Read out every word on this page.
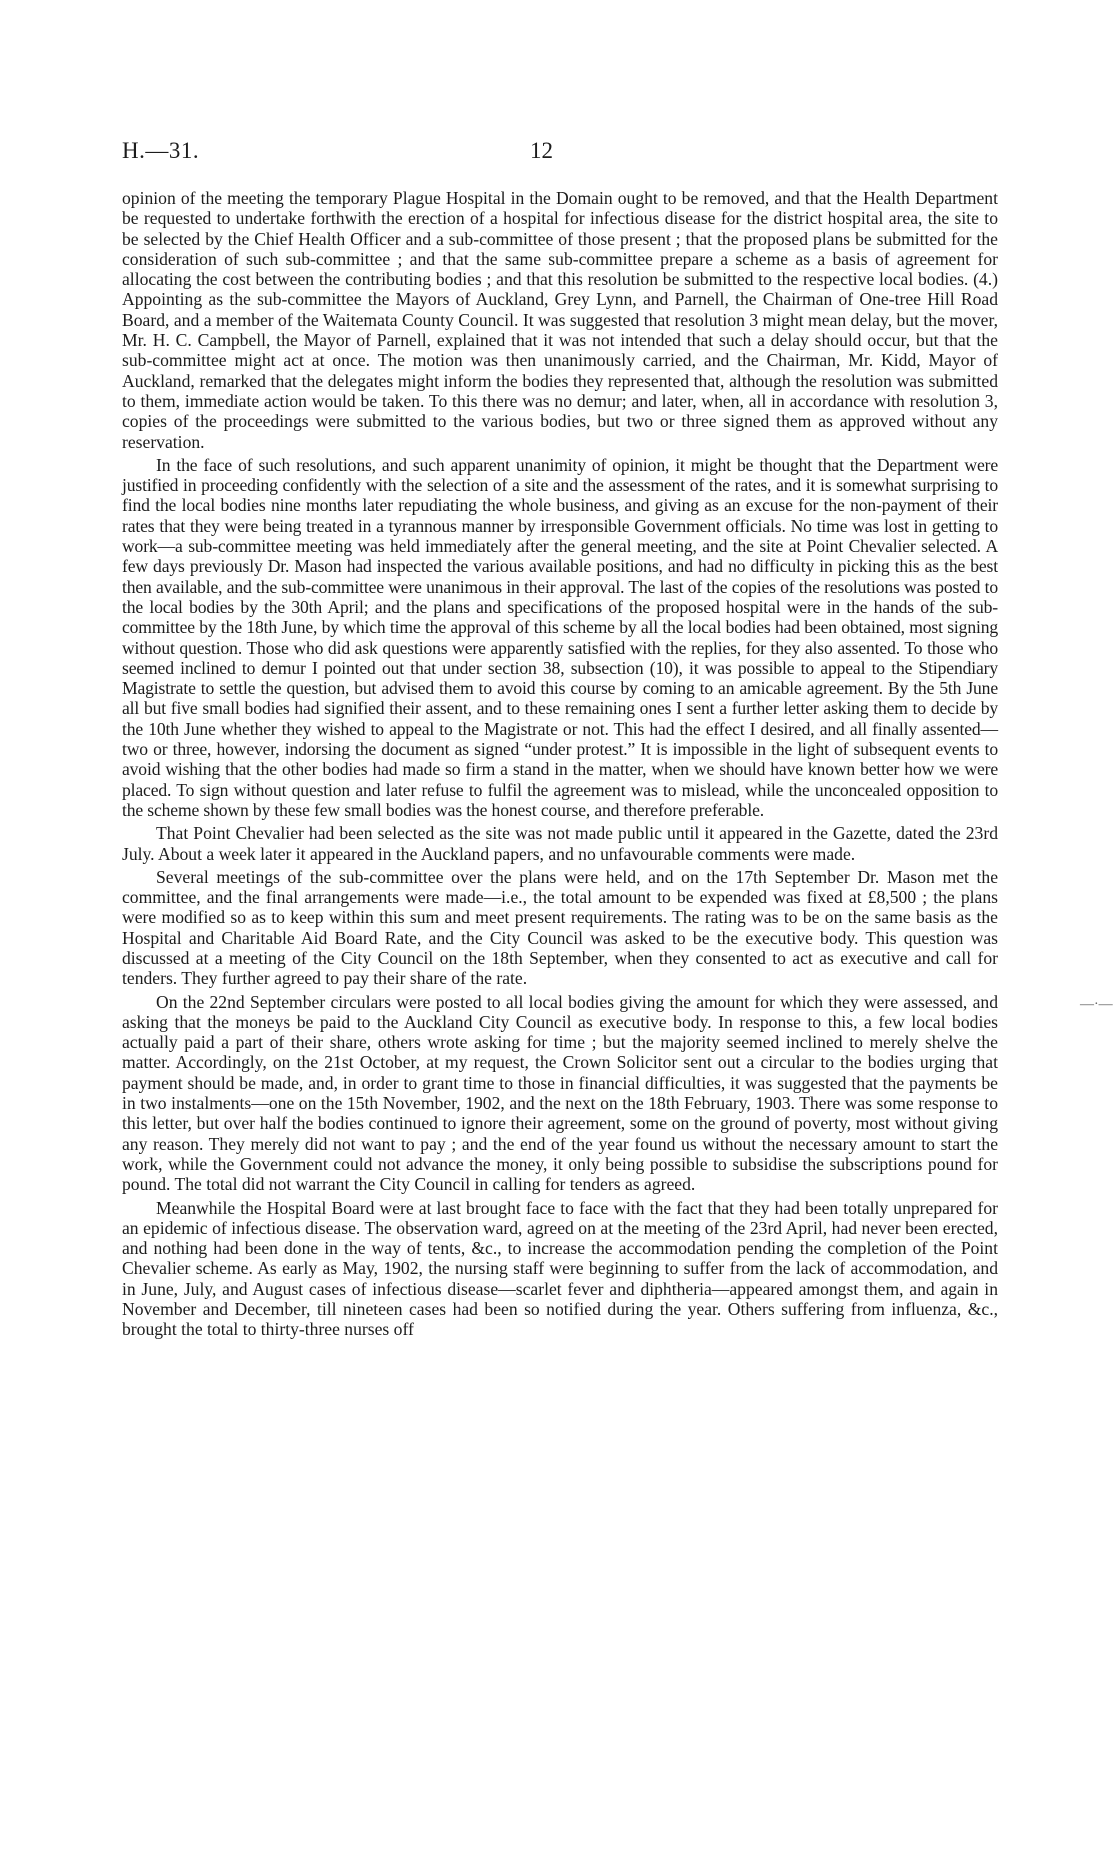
H.—31.	12

opinion of the meeting the temporary Plague Hospital in the Domain ought to be removed, and that the Health Department be requested to undertake forthwith the erection of a hospital for infectious disease for the district hospital area, the site to be selected by the Chief Health Officer and a sub-committee of those present ; that the proposed plans be submitted for the consideration of such sub-committee ; and that the same sub-committee prepare a scheme as a basis of agreement for allocating the cost between the contributing bodies ; and that this resolution be submitted to the respective local bodies. (4.) Appointing as the sub-committee the Mayors of Auckland, Grey Lynn, and Parnell, the Chairman of One-tree Hill Road Board, and a member of the Waitemata County Council. It was suggested that resolution 3 might mean delay, but the mover, Mr. H. C. Campbell, the Mayor of Parnell, explained that it was not intended that such a delay should occur, but that the sub-committee might act at once. The motion was then unanimously carried, and the Chairman, Mr. Kidd, Mayor of Auckland, remarked that the delegates might inform the bodies they represented that, although the resolution was submitted to them, immediate action would be taken. To this there was no demur; and later, when, all in accordance with resolution 3, copies of the proceedings were submitted to the various bodies, but two or three signed them as approved without any reservation.

In the face of such resolutions, and such apparent unanimity of opinion, it might be thought that the Department were justified in proceeding confidently with the selection of a site and the assessment of the rates, and it is somewhat surprising to find the local bodies nine months later repudiating the whole business, and giving as an excuse for the non-payment of their rates that they were being treated in a tyrannous manner by irresponsible Government officials. No time was lost in getting to work—a sub-committee meeting was held immediately after the general meeting, and the site at Point Chevalier selected. A few days previously Dr. Mason had inspected the various available positions, and had no difficulty in picking this as the best then available, and the sub-committee were unanimous in their approval. The last of the copies of the resolutions was posted to the local bodies by the 30th April; and the plans and specifications of the proposed hospital were in the hands of the sub-committee by the 18th June, by which time the approval of this scheme by all the local bodies had been obtained, most signing without question. Those who did ask questions were apparently satisfied with the replies, for they also assented. To those who seemed inclined to demur I pointed out that under section 38, subsection (10), it was possible to appeal to the Stipendiary Magistrate to settle the question, but advised them to avoid this course by coming to an amicable agreement. By the 5th June all but five small bodies had signified their assent, and to these remaining ones I sent a further letter asking them to decide by the 10th June whether they wished to appeal to the Magistrate or not. This had the effect I desired, and all finally assented—two or three, however, indorsing the document as signed “under protest.” It is impossible in the light of subsequent events to avoid wishing that the other bodies had made so firm a stand in the matter, when we should have known better how we were placed. To sign without question and later refuse to fulfil the agreement was to mislead, while the unconcealed opposition to the scheme shown by these few small bodies was the honest course, and therefore preferable.

That Point Chevalier had been selected as the site was not made public until it appeared in the Gazette, dated the 23rd July. About a week later it appeared in the Auckland papers, and no unfavourable comments were made.

Several meetings of the sub-committee over the plans were held, and on the 17th September Dr. Mason met the committee, and the final arrangements were made—i.e., the total amount to be expended was fixed at £8,500 ; the plans were modified so as to keep within this sum and meet present requirements. The rating was to be on the same basis as the Hospital and Charitable Aid Board Rate, and the City Council was asked to be the executive body. This question was discussed at a meeting of the City Council on the 18th September, when they consented to act as executive and call for tenders. They further agreed to pay their share of the rate.

On the 22nd September circulars were posted to all local bodies giving the amount for which they were assessed, and asking that the moneys be paid to the Auckland City Council as executive body. In response to this, a few local bodies actually paid a part of their share, others wrote asking for time ; but the majority seemed inclined to merely shelve the matter. Accordingly, on the 21st October, at my request, the Crown Solicitor sent out a circular to the bodies urging that payment should be made, and, in order to grant time to those in financial difficulties, it was suggested that the payments be in two instalments—one on the 15th November, 1902, and the next on the 18th February, 1903. There was some response to this letter, but over half the bodies continued to ignore their agreement, some on the ground of poverty, most without giving any reason. They merely did not want to pay ; and the end of the year found us without the necessary amount to start the work, while the Government could not advance the money, it only being possible to subsidise the subscriptions pound for pound. The total did not warrant the City Council in calling for tenders as agreed.

Meanwhile the Hospital Board were at last brought face to face with the fact that they had been totally unprepared for an epidemic of infectious disease. The observation ward, agreed on at the meeting of the 23rd April, had never been erected, and nothing had been done in the way of tents, &c., to increase the accommodation pending the completion of the Point Chevalier scheme. As early as May, 1902, the nursing staff were beginning to suffer from the lack of accommodation, and in June, July, and August cases of infectious disease—scarlet fever and diphtheria—appeared amongst them, and again in November and December, till nineteen cases had been so notified during the year. Others suffering from influenza, &c., brought the total to thirty-three nurses off

—·—
